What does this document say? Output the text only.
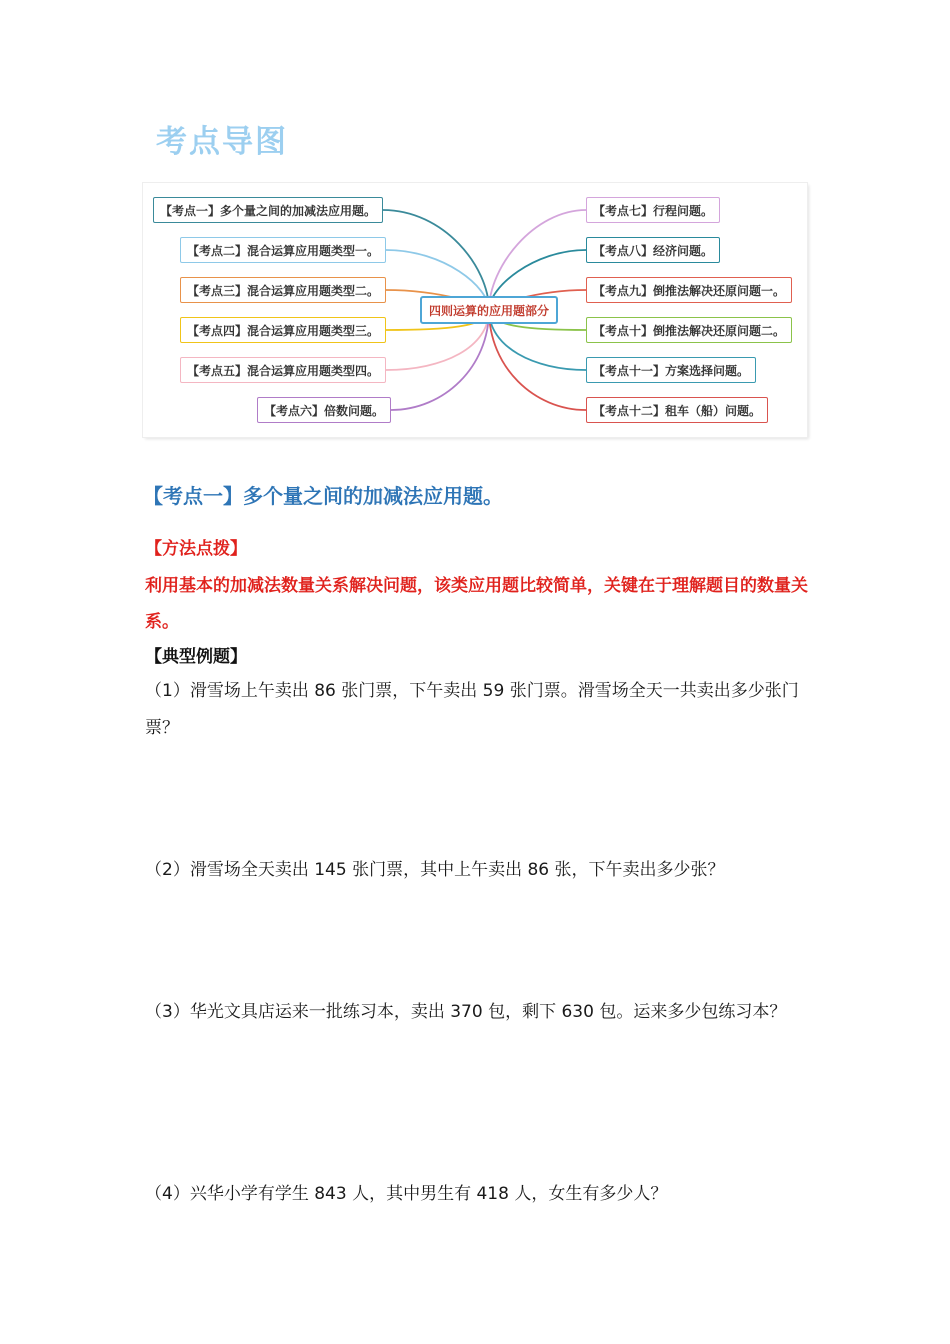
考点导图
四则运算的应用题部分
【考点一】多个量之间的加减法应用题。
【考点二】混合运算应用题类型一。
【考点三】混合运算应用题类型二。
【考点四】混合运算应用题类型三。
【考点五】混合运算应用题类型四。
【考点六】倍数问题。
【考点七】行程问题。
【考点八】经济问题。
【考点九】倒推法解决还原问题一。
【考点十】倒推法解决还原问题二。
【考点十一】方案选择问题。
【考点十二】租车（船）问题。
【考点一】多个量之间的加减法应用题。
【方法点拨】
利用基本的加减法数量关系解决问题，该类应用题比较简单，关键在于理解题目的数量关系。
【典型例题】
（1）滑雪场上午卖出 86 张门票，下午卖出 59 张门票。滑雪场全天一共卖出多少张门票？
（2）滑雪场全天卖出 145 张门票，其中上午卖出 86 张，下午卖出多少张？
（3）华光文具店运来一批练习本，卖出 370 包，剩下 630 包。运来多少包练习本？
（4）兴华小学有学生 843 人，其中男生有 418 人，女生有多少人？
